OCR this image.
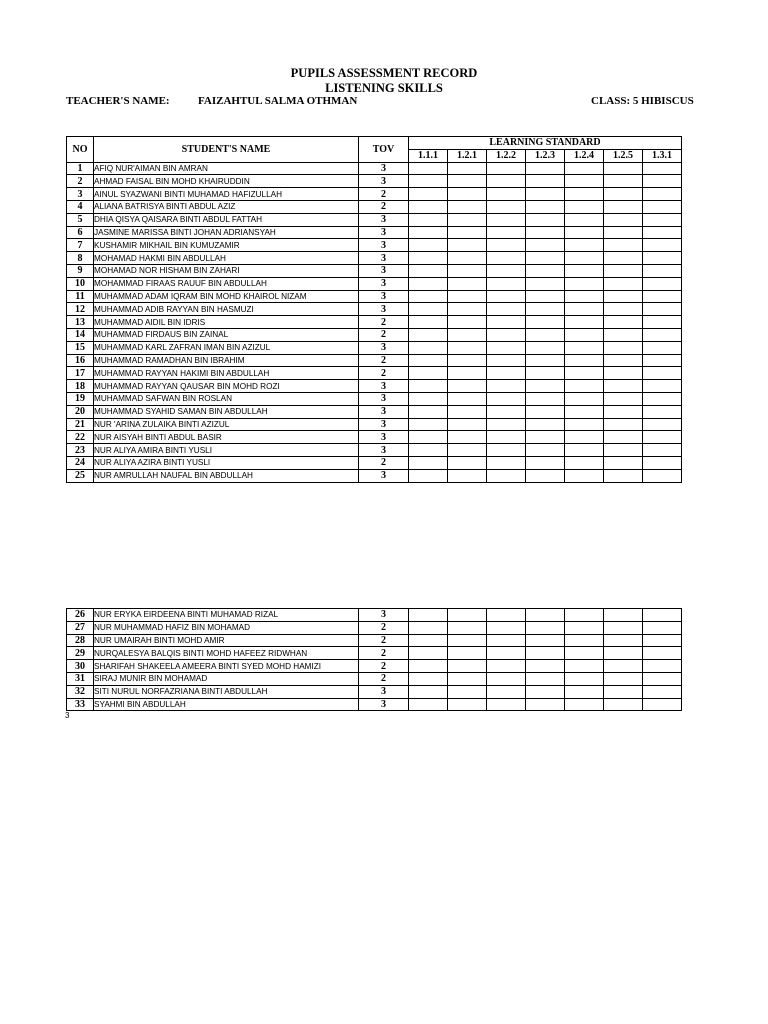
PUPILS ASSESSMENT RECORD
LISTENING SKILLS
TEACHER'S NAME:	FAIZAHTUL SALMA OTHMAN	CLASS: 5 HIBISCUS
NO	STUDENT'S NAME	TOV	LEARNING STANDARD						
			1.1.1	1.2.1	1.2.2	1.2.3	1.2.4	1.2.5	1.3.1
1	AFIQ NUR'AIMAN BIN AMRAN	3							
2	AHMAD FAISAL BIN MOHD KHAIRUDDIN	3							
3	AINUL SYAZWANI BINTI MUHAMAD HAFIZULLAH	2							
4	ALIANA BATRISYA BINTI ABDUL AZIZ	2							
5	DHIA QISYA QAISARA BINTI ABDUL FATTAH	3							
6	JASMINE MARISSA BINTI JOHAN ADRIANSYAH	3							
7	KUSHAMIR MIKHAIL BIN KUMUZAMIR	3							
8	MOHAMAD HAKMI BIN ABDULLAH	3							
9	MOHAMAD NOR HISHAM BIN ZAHARI	3							
10	MOHAMMAD FIRAAS RAUUF BIN ABDULLAH	3							
11	MUHAMMAD ADAM IQRAM BIN MOHD KHAIROL NIZAM	3							
12	MUHAMMAD ADIB RAYYAN BIN HASMUZI	3							
13	MUHAMMAD AIDIL BIN IDRIS	2							
14	MUHAMMAD FIRDAUS BIN ZAINAL	2							
15	MUHAMMAD KARL ZAFRAN IMAN BIN AZIZUL	3							
16	MUHAMMAD RAMADHAN BIN IBRAHIM	2							
17	MUHAMMAD RAYYAN HAKIMI BIN ABDULLAH	2							
18	MUHAMMAD RAYYAN QAUSAR BIN MOHD ROZI	3							
19	MUHAMMAD SAFWAN BIN ROSLAN	3							
20	MUHAMMAD SYAHID SAMAN BIN ABDULLAH	3							
21	NUR 'ARINA ZULAIKA BINTI AZIZUL	3							
22	NUR AISYAH BINTI ABDUL BASIR	3							
23	NUR ALIYA AMIRA BINTI YUSLI	3							
24	NUR ALIYA AZIRA BINTI YUSLI	2							
25	NUR AMRULLAH NAUFAL BIN ABDULLAH	3							
26	NUR ERYKA EIRDEENA BINTI MUHAMAD RIZAL	3							
27	NUR MUHAMMAD HAFIZ BIN MOHAMAD	2							
28	NUR UMAIRAH BINTI MOHD AMIR	2							
29	NURQALESYA BALQIS BINTI MOHD HAFEEZ RIDWHAN	2							
30	SHARIFAH SHAKEELA AMEERA BINTI SYED MOHD HAMIZI	2							
31	SIRAJ MUNIR BIN MOHAMAD	2							
32	SITI NURUL NORFAZRIANA BINTI ABDULLAH	3							
33	SYAHMI BIN ABDULLAH	3							
3
